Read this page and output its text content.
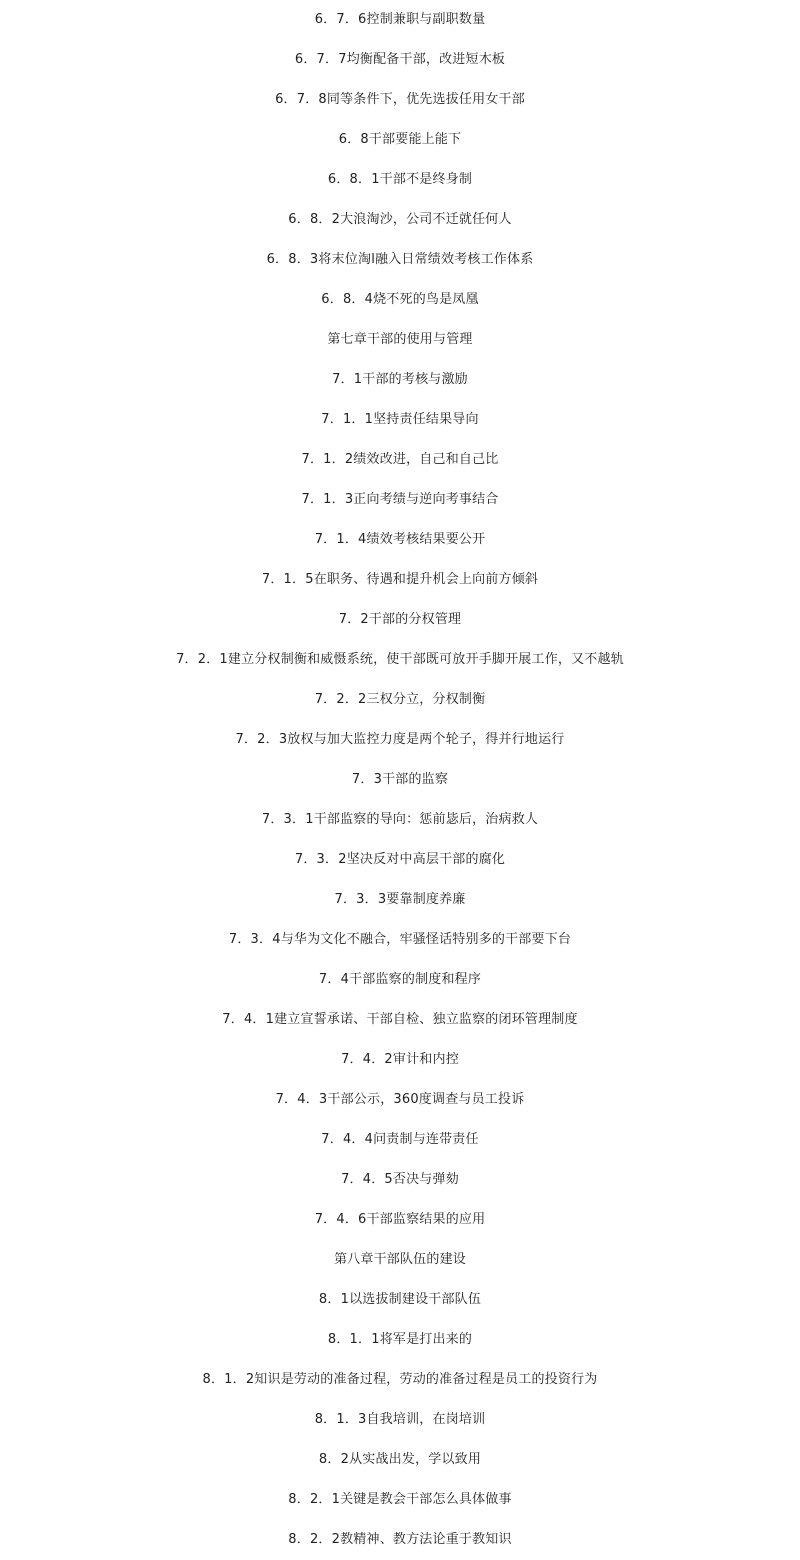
6．7．6控制兼职与副职数量
6．7．7均衡配备干部，改进短木板
6．7．8同等条件下，优先选拔任用女干部
6．8干部要能上能下
6．8．1干部不是终身制
6．8．2大浪淘沙，公司不迁就任何人
6．8．3将末位淘l融入日常绩效考核工作体系
6．8．4烧不死的鸟是凤凰
第七章干部的使用与管理
7．1干部的考核与激励
7．1．1坚持责任结果导向
7．1．2绩效改进，自己和自己比
7．1．3正向考绩与逆向考事结合
7．1．4绩效考核结果要公开
7．1．5在职务、待遇和提升机会上向前方倾斜
7．2干部的分权管理
7．2．1建立分权制衡和威慑系统，使干部既可放开手脚开展工作，又不越轨
7．2．2三权分立，分权制衡
7．2．3放权与加大监控力度是两个轮子，得并行地运行
7．3干部的监察
7．3．1干部监察的导向：惩前毖后，治病救人
7．3．2坚决反对中高层干部的腐化
7．3．3要靠制度养廉
7．3．4与华为文化不融合，牢骚怪话特别多的干部要下台
7．4干部监察的制度和程序
7．4．1建立宣誓承诺、干部自检、独立监察的闭环管理制度
7．4．2审计和内控
7．4．3干部公示，360度调查与员工投诉
7．4．4问责制与连带责任
7．4．5否决与弹劾
7．4．6干部监察结果的应用
第八章干部队伍的建设
8．1以选拔制建设干部队伍
8．1．1将军是打出来的
8．1．2知识是劳动的准备过程，劳动的准备过程是员工的投资行为
8．1．3自我培训，在岗培训
8．2从实战出发，学以致用
8．2．1关键是教会干部怎么具体做事
8．2．2教精神、教方法论重于教知识
